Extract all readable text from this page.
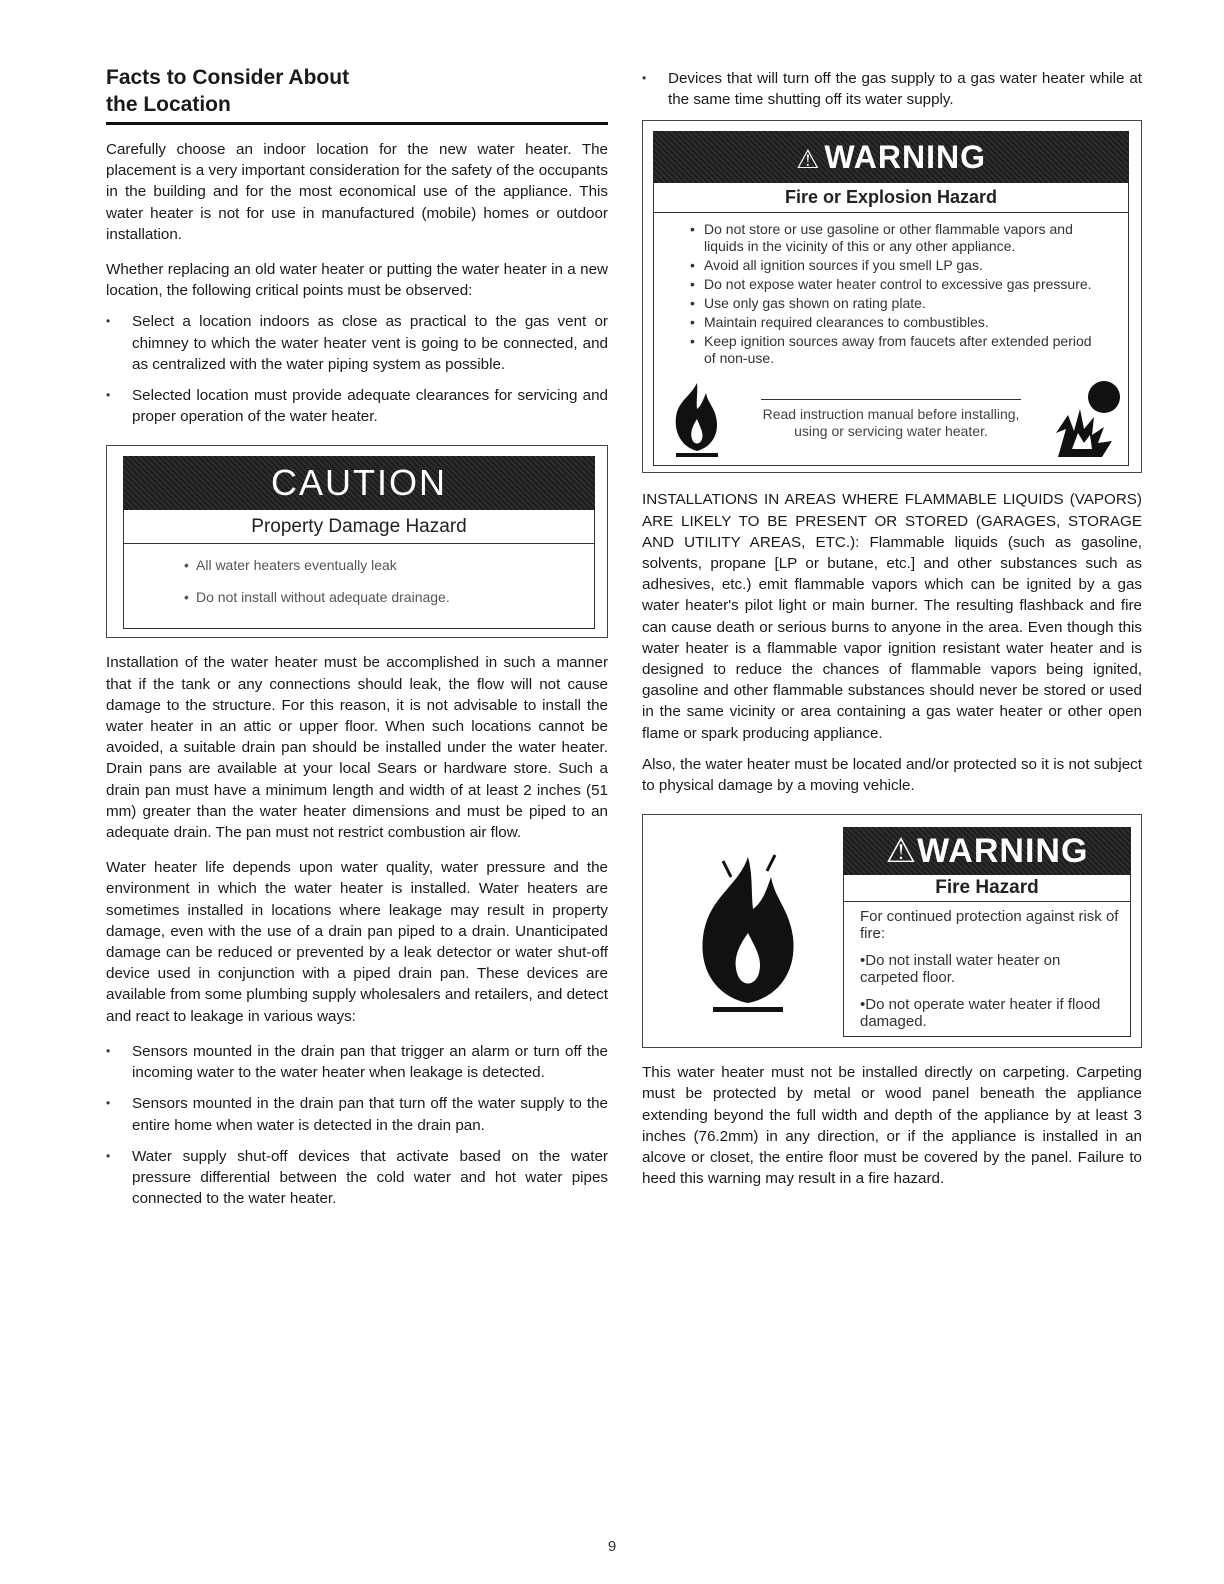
Facts to Consider About
the Location

Carefully choose an indoor location for the new water heater. The placement is a very important consideration for the safety of the occupants in the building and for the most economical use of the appliance. This water heater is not for use in manufactured (mobile) homes or outdoor installation.

Whether replacing an old water heater or putting the water heater in a new location, the following critical points must be observed:

• Select a location indoors as close as practical to the gas vent or chimney to which the water heater vent is going to be connected, and as centralized with the water piping system as possible.
• Selected location must provide adequate clearances for servicing and proper operation of the water heater.
CAUTION
Property Damage Hazard
• All water heaters eventually leak
• Do not install without adequate drainage.

Installation of the water heater must be accomplished in such a manner that if the tank or any connections should leak, the flow will not cause damage to the structure. For this reason, it is not advisable to install the water heater in an attic or upper floor. When such locations cannot be avoided, a suitable drain pan should be installed under the water heater. Drain pans are available at your local Sears or hardware store. Such a drain pan must have a minimum length and width of at least 2 inches (51 mm) greater than the water heater dimensions and must be piped to an adequate drain. The pan must not restrict combustion air flow.

Water heater life depends upon water quality, water pressure and the environment in which the water heater is installed. Water heaters are sometimes installed in locations where leakage may result in property damage, even with the use of a drain pan piped to a drain. Unanticipated damage can be reduced or prevented by a leak detector or water shut-off device used in conjunction with a piped drain pan. These devices are available from some plumbing supply wholesalers and retailers, and detect and react to leakage in various ways:

• Sensors mounted in the drain pan that trigger an alarm or turn off the incoming water to the water heater when leakage is detected.
• Sensors mounted in the drain pan that turn off the water supply to the entire home when water is detected in the drain pan.
• Water supply shut-off devices that activate based on the water pressure differential between the cold water and hot water pipes connected to the water heater.
• Devices that will turn off the gas supply to a gas water heater while at the same time shutting off its water supply.
⚠ WARNING
Fire or Explosion Hazard
• Do not store or use gasoline or other flammable vapors and liquids in the vicinity of this or any other appliance.
• Avoid all ignition sources if you smell LP gas.
• Do not expose water heater control to excessive gas pressure.
• Use only gas shown on rating plate.
• Maintain required clearances to combustibles.
• Keep ignition sources away from faucets after extended period of non-use.
Read instruction manual before installing, using or servicing water heater.

INSTALLATIONS IN AREAS WHERE FLAMMABLE LIQUIDS (VAPORS) ARE LIKELY TO BE PRESENT OR STORED (GARAGES, STORAGE AND UTILITY AREAS, ETC.): Flammable liquids (such as gasoline, solvents, propane [LP or butane, etc.] and other substances such as adhesives, etc.) emit flammable vapors which can be ignited by a gas water heater's pilot light or main burner. The resulting flashback and fire can cause death or serious burns to anyone in the area. Even though this water heater is a flammable vapor ignition resistant water heater and is designed to reduce the chances of flammable vapors being ignited, gasoline and other flammable substances should never be stored or used in the same vicinity or area containing a gas water heater or other open flame or spark producing appliance.

Also, the water heater must be located and/or protected so it is not subject to physical damage by a moving vehicle.

⚠WARNING
Fire Hazard
For continued protection against risk of fire:
•Do not install water heater on carpeted floor.
•Do not operate water heater if flood damaged.

This water heater must not be installed directly on carpeting. Carpeting must be protected by metal or wood panel beneath the appliance extending beyond the full width and depth of the appliance by at least 3 inches (76.2mm) in any direction, or if the appliance is installed in an alcove or closet, the entire floor must be covered by the panel. Failure to heed this warning may result in a fire hazard.

9
